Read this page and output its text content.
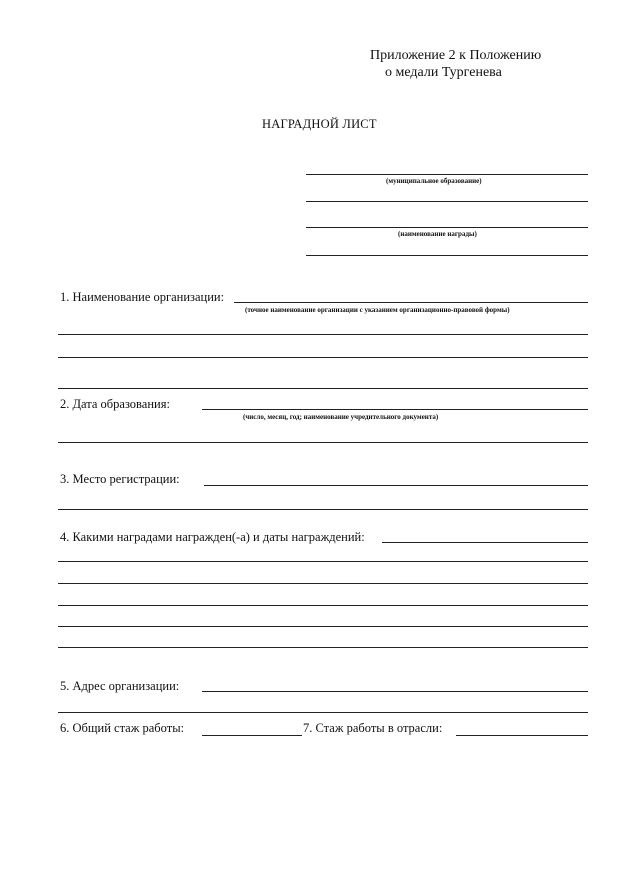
Приложение 2 к Положению
о медали Тургенева
НАГРАДНОЙ ЛИСТ
(муниципальное образование)
(наименование награды)
1. Наименование организации:
(точное наименование организации с указанием организационно-правовой формы)
2. Дата образования:
(число, месяц, год; наименование учредительного документа)
3. Место регистрации:
4. Какими наградами награжден(-а) и даты награждений:
5. Адрес организации:
6. Общий стаж работы:	7. Стаж работы в отрасли:
